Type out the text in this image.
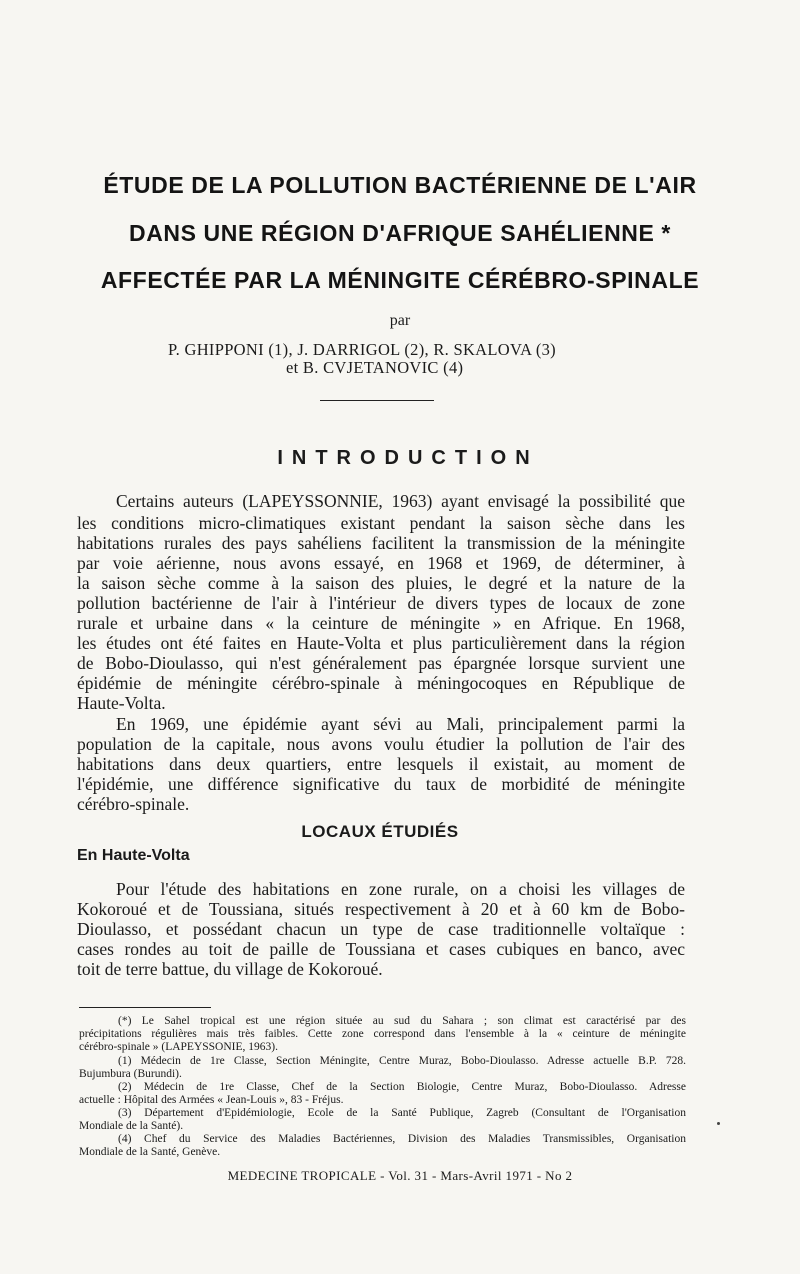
ÉTUDE DE LA POLLUTION BACTÉRIENNE DE L'AIR
DANS UNE RÉGION D'AFRIQUE SAHÉLIENNE *
AFFECTÉE PAR LA MÉNINGITE CÉRÉBRO-SPINALE
par
P. GHIPPONI (1), J. DARRIGOL (2), R. SKALOVA (3)
et B. CVJETANOVIC (4)
INTRODUCTION
Certains auteurs (LAPEYSSONNIE, 1963) ayant envisagé la possibilité que
les conditions micro-climatiques existant pendant la saison sèche dans les
habitations rurales des pays sahéliens facilitent la transmission de la méningite
par voie aérienne, nous avons essayé, en 1968 et 1969, de déterminer, à
la saison sèche comme à la saison des pluies, le degré et la nature de la
pollution bactérienne de l'air à l'intérieur de divers types de locaux de zone
rurale et urbaine dans « la ceinture de méningite » en Afrique. En 1968,
les études ont été faites en Haute-Volta et plus particulièrement dans la région
de Bobo-Dioulasso, qui n'est généralement pas épargnée lorsque survient une
épidémie de méningite cérébro-spinale à méningocoques en République de
Haute-Volta.
En 1969, une épidémie ayant sévi au Mali, principalement parmi la
population de la capitale, nous avons voulu étudier la pollution de l'air des
habitations dans deux quartiers, entre lesquels il existait, au moment de
l'épidémie, une différence significative du taux de morbidité de méningite
cérébro-spinale.
LOCAUX ÉTUDIÉS
En Haute-Volta
Pour l'étude des habitations en zone rurale, on a choisi les villages de
Kokoroué et de Toussiana, situés respectivement à 20 et à 60 km de Bobo-
Dioulasso, et possédant chacun un type de case traditionnelle voltaïque :
cases rondes au toit de paille de Toussiana et cases cubiques en banco, avec
toit de terre battue, du village de Kokoroué.
(*) Le Sahel tropical est une région située au sud du Sahara ; son climat est caractérisé par des
précipitations régulières mais très faibles. Cette zone correspond dans l'ensemble à la « ceinture de méningite
cérébro-spinale » (LAPEYSSONIE, 1963).
(1) Médecin de 1re Classe, Section Méningite, Centre Muraz, Bobo-Dioulasso. Adresse actuelle B.P. 728.
Bujumbura (Burundi).
(2) Médecin de 1re Classe, Chef de la Section Biologie, Centre Muraz, Bobo-Dioulasso. Adresse
actuelle : Hôpital des Armées « Jean-Louis », 83 - Fréjus.
(3) Département d'Epidémiologie, Ecole de la Santé Publique, Zagreb (Consultant de l'Organisation
Mondiale de la Santé).
(4) Chef du Service des Maladies Bactériennes, Division des Maladies Transmissibles, Organisation
Mondiale de la Santé, Genève.
MEDECINE TROPICALE - Vol. 31 - Mars-Avril 1971 - No 2
